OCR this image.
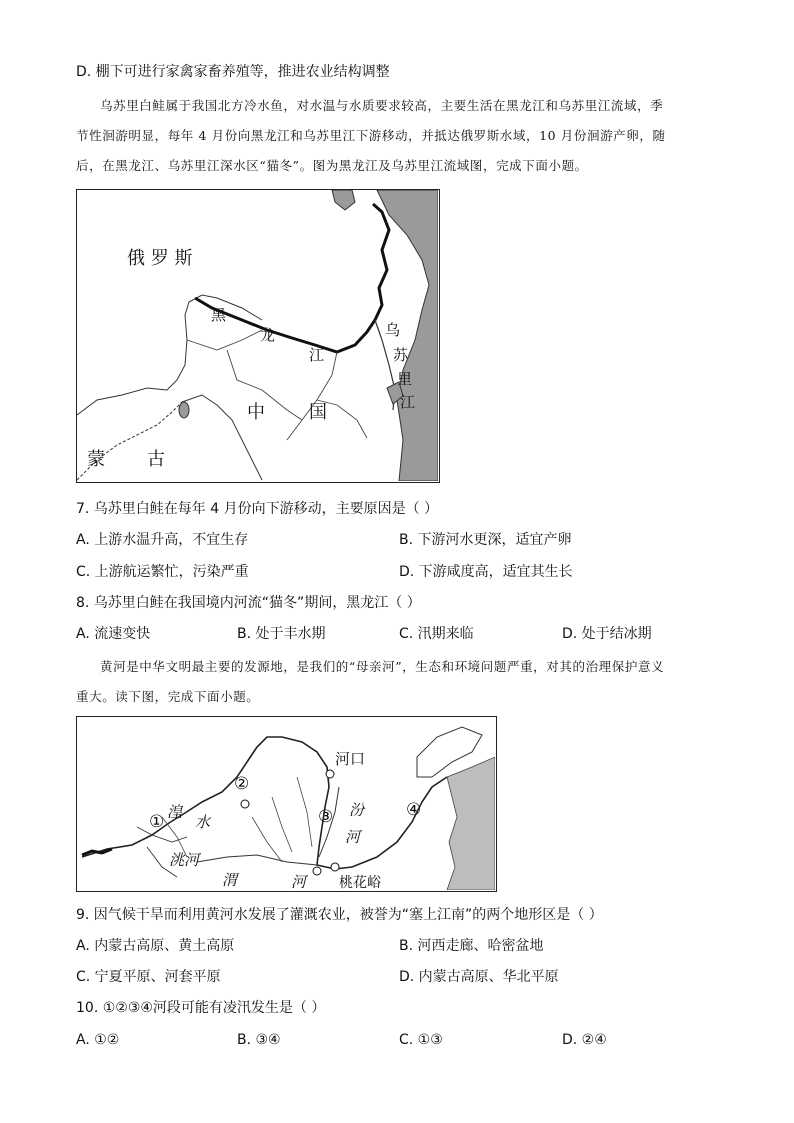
D. 棚下可进行家禽家畜养殖等，推进农业结构调整
乌苏里白鲑属于我国北方冷水鱼，对水温与水质要求较高，主要生活在黑龙江和乌苏里江流域，季
节性洄游明显，每年 4 月份向黑龙江和乌苏里江下游移动，并抵达俄罗斯水域，10 月份洄游产卵，随
后，在黑龙江、乌苏里江深水区“猫冬”。图为黑龙江及乌苏里江流域图，完成下面小题。
俄 罗 斯
黑
龙
江
中 国
蒙 古
乌
苏
里
江
7. 乌苏里白鲑在每年 4 月份向下游移动，主要原因是（ ）
A. 上游水温升高，不宜生存	B. 下游河水更深，适宜产卵
C. 上游航运繁忙，污染严重	D. 下游咸度高，适宜其生长
8. 乌苏里白鲑在我国境内河流“猫冬”期间，黑龙江（ ）
A. 流速变快	B. 处于丰水期	C. 汛期来临	D. 处于结冰期
黄河是中华文明最主要的发源地，是我们的“母亲河”，生态和环境问题严重，对其的治理保护意义
重大。读下图，完成下面小题。
河口
汾
河
湟
水
洮河
渭	河 桃花峪
①
②
③	④
9. 因气候干旱而利用黄河水发展了灌溉农业，被誉为“塞上江南”的两个地形区是（ ）
A. 内蒙古高原、黄土高原	B. 河西走廊、哈密盆地
C. 宁夏平原、河套平原	D. 内蒙古高原、华北平原
10. ①②③④河段可能有凌汛发生是（ ）
A. ①②	B. ③④	C. ①③	D. ②④
